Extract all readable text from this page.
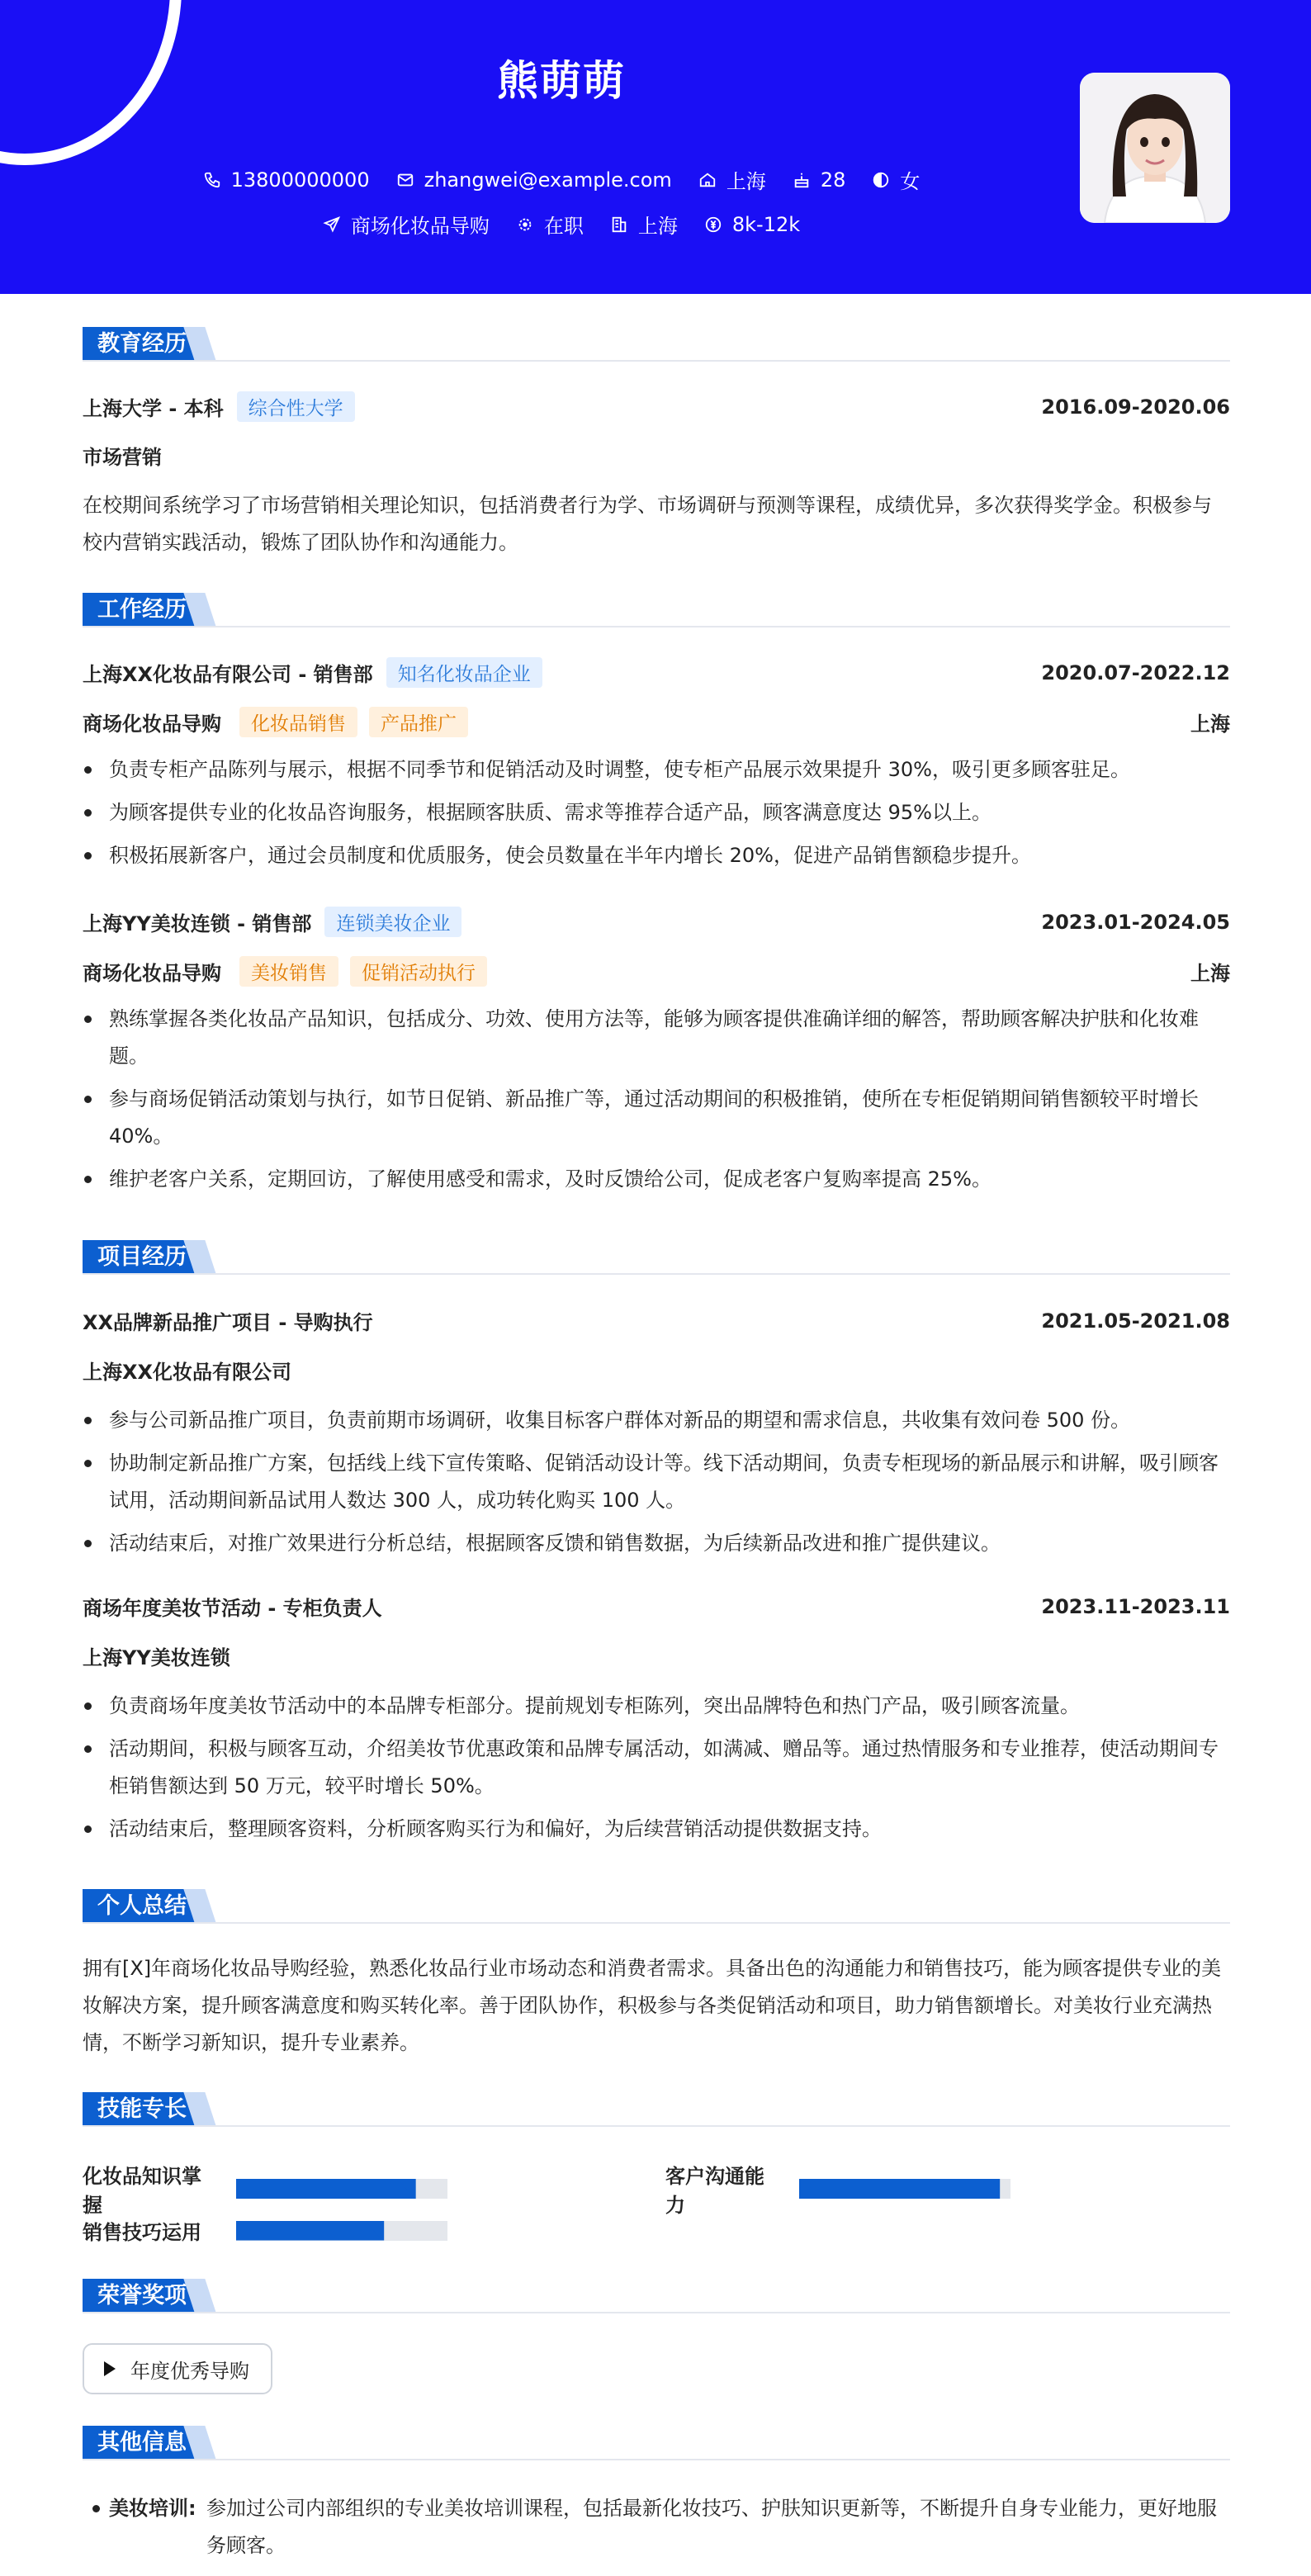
熊萌萌
13800000000	zhangwei@example.com	上海	28	女
商场化妆品导购	在职	上海	8k-12k
教育经历
上海大学 - 本科	综合性大学	2016.09-2020.06
市场营销
在校期间系统学习了市场营销相关理论知识，包括消费者行为学、市场调研与预测等课程，成绩优异，多次获得奖学金。积极参与校内营销实践活动，锻炼了团队协作和沟通能力。
工作经历
上海XX化妆品有限公司 - 销售部	知名化妆品企业	2020.07-2022.12
商场化妆品导购	化妆品销售	产品推广	上海
负责专柜产品陈列与展示，根据不同季节和促销活动及时调整，使专柜产品展示效果提升 30%，吸引更多顾客驻足。
为顾客提供专业的化妆品咨询服务，根据顾客肤质、需求等推荐合适产品，顾客满意度达 95%以上。
积极拓展新客户，通过会员制度和优质服务，使会员数量在半年内增长 20%，促进产品销售额稳步提升。
上海YY美妆连锁 - 销售部	连锁美妆企业	2023.01-2024.05
商场化妆品导购	美妆销售	促销活动执行	上海
熟练掌握各类化妆品产品知识，包括成分、功效、使用方法等，能够为顾客提供准确详细的解答，帮助顾客解决护肤和化妆难题。
参与商场促销活动策划与执行，如节日促销、新品推广等，通过活动期间的积极推销，使所在专柜促销期间销售额较平时增长 40%。
维护老客户关系，定期回访，了解使用感受和需求，及时反馈给公司，促成老客户复购率提高 25%。
项目经历
XX品牌新品推广项目 - 导购执行	2021.05-2021.08
上海XX化妆品有限公司
参与公司新品推广项目，负责前期市场调研，收集目标客户群体对新品的期望和需求信息，共收集有效问卷 500 份。
协助制定新品推广方案，包括线上线下宣传策略、促销活动设计等。线下活动期间，负责专柜现场的新品展示和讲解，吸引顾客试用，活动期间新品试用人数达 300 人，成功转化购买 100 人。
活动结束后，对推广效果进行分析总结，根据顾客反馈和销售数据，为后续新品改进和推广提供建议。
商场年度美妆节活动 - 专柜负责人	2023.11-2023.11
上海YY美妆连锁
负责商场年度美妆节活动中的本品牌专柜部分。提前规划专柜陈列，突出品牌特色和热门产品，吸引顾客流量。
活动期间，积极与顾客互动，介绍美妆节优惠政策和品牌专属活动，如满减、赠品等。通过热情服务和专业推荐，使活动期间专柜销售额达到 50 万元，较平时增长 50%。
活动结束后，整理顾客资料，分析顾客购买行为和偏好，为后续营销活动提供数据支持。
个人总结
拥有[X]年商场化妆品导购经验，熟悉化妆品行业市场动态和消费者需求。具备出色的沟通能力和销售技巧，能为顾客提供专业的美妆解决方案，提升顾客满意度和购买转化率。善于团队协作，积极参与各类促销活动和项目，助力销售额增长。对美妆行业充满热情，不断学习新知识，提升专业素养。
技能专长
化妆品知识掌握
客户沟通能力
销售技巧运用
荣誉奖项
年度优秀导购
其他信息
美妆培训: 参加过公司内部组织的专业美妆培训课程，包括最新化妆技巧、护肤知识更新等，不断提升自身专业能力，更好地服务顾客。
